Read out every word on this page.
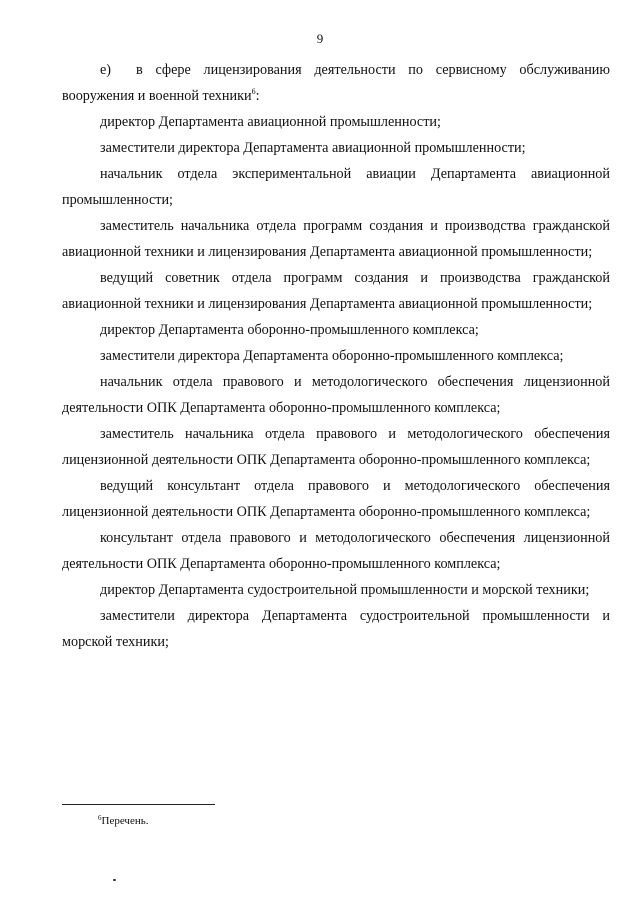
9

е) в сфере лицензирования деятельности по сервисному обслуживанию вооружения и военной техники$^6$:

директор Департамента авиационной промышленности;

заместители директора Департамента авиационной промышленности;

начальник отдела экспериментальной авиации Департамента авиационной промышленности;

заместитель начальника отдела программ создания и производства гражданской авиационной техники и лицензирования Департамента авиационной промышленности;

ведущий советник отдела программ создания и производства гражданской авиационной техники и лицензирования Департамента авиационной промышленности;

директор Департамента оборонно-промышленного комплекса;

заместители директора Департамента оборонно-промышленного комплекса;

начальник отдела правового и методологического обеспечения лицензионной деятельности ОПК Департамента оборонно-промышленного комплекса;

заместитель начальника отдела правового и методологического обеспечения лицензионной деятельности ОПК Департамента оборонно-промышленного комплекса;

ведущий консультант отдела правового и методологического обеспечения лицензионной деятельности ОПК Департамента оборонно-промышленного комплекса;

консультант отдела правового и методологического обеспечения лицензионной деятельности ОПК Департамента оборонно-промышленного комплекса;

директор Департамента судостроительной промышленности и морской техники;

заместители директора Департамента судостроительной промышленности и морской техники;

$^6$Перечень.
